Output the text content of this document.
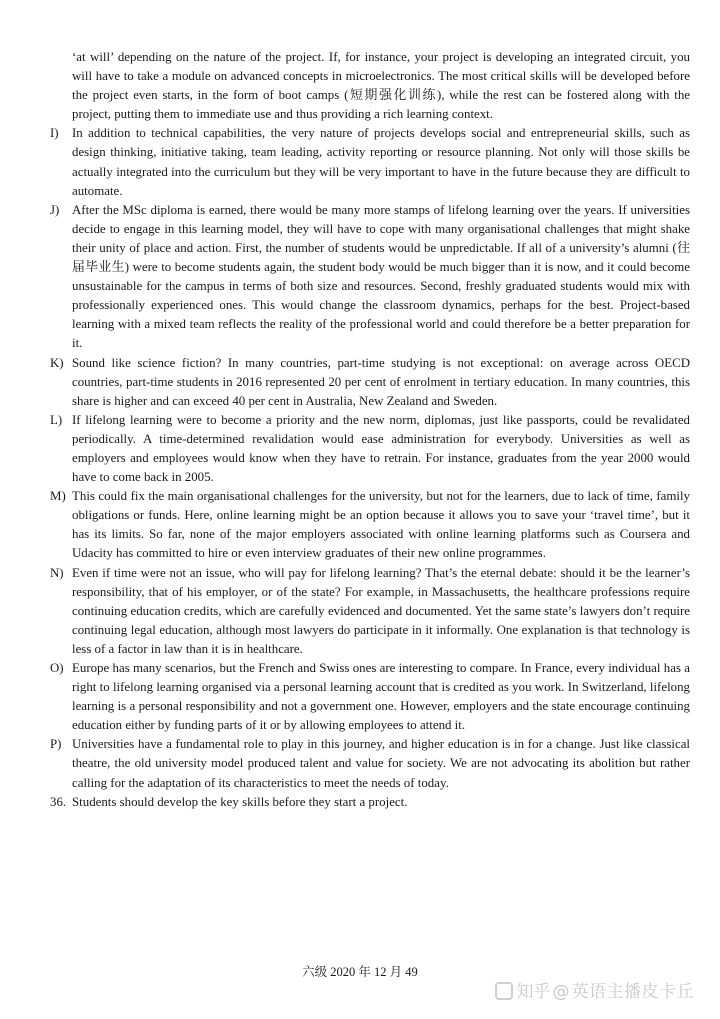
‘at will’ depending on the nature of the project. If, for instance, your project is developing an integrated circuit, you will have to take a module on advanced concepts in microelectronics. The most critical skills will be developed before the project even starts, in the form of boot camps (短期强化训练), while the rest can be fostered along with the project, putting them to immediate use and thus providing a rich learning context.

I)	In addition to technical capabilities, the very nature of projects develops social and entrepreneurial skills, such as design thinking, initiative taking, team leading, activity reporting or resource planning. Not only will those skills be actually integrated into the curriculum but they will be very important to have in the future because they are difficult to automate.

J) After the MSc diploma is earned, there would be many more stamps of lifelong learning over the years. If universities decide to engage in this learning model, they will have to cope with many organisational challenges that might shake their unity of place and action. First, the number of students would be unpredictable. If all of a university’s alumni (往届毕业生) were to become students again, the student body would be much bigger than it is now, and it could become unsustainable for the campus in terms of both size and resources. Second, freshly graduated students would mix with professionally experienced ones. This would change the classroom dynamics, perhaps for the best. Project-based learning with a mixed team reflects the reality of the professional world and could therefore be a better preparation for it.

K) Sound like science fiction? In many countries, part-time studying is not exceptional: on average across OECD countries, part-time students in 2016 represented 20 per cent of enrolment in tertiary education. In many countries, this share is higher and can exceed 40 per cent in Australia, New Zealand and Sweden.

L) If lifelong learning were to become a priority and the new norm, diplomas, just like passports, could be revalidated periodically. A time-determined revalidation would ease administration for everybody. Universities as well as employers and employees would know when they have to retrain. For instance, graduates from the year 2000 would have to come back in 2005.

M) This could fix the main organisational challenges for the university, but not for the learners, due to lack of time, family obligations or funds. Here, online learning might be an option because it allows you to save your ‘travel time’, but it has its limits. So far, none of the major employers associated with online learning platforms such as Coursera and Udacity has committed to hire or even interview graduates of their new online programmes.

N) Even if time were not an issue, who will pay for lifelong learning? That’s the eternal debate: should it be the learner’s responsibility, that of his employer, or of the state? For example, in Massachusetts, the healthcare professions require continuing education credits, which are carefully evidenced and documented. Yet the same state’s lawyers don’t require continuing legal education, although most lawyers do participate in it informally. One explanation is that technology is less of a factor in law than it is in healthcare.

O) Europe has many scenarios, but the French and Swiss ones are interesting to compare. In France, every individual has a right to lifelong learning organised via a personal learning account that is credited as you work. In Switzerland, lifelong learning is a personal responsibility and not a government one. However, employers and the state encourage continuing education either by funding parts of it or by allowing employees to attend it.

P) Universities have a fundamental role to play in this journey, and higher education is in for a change. Just like classical theatre, the old university model produced talent and value for society. We are not advocating its abolition but rather calling for the adaptation of its characteristics to meet the needs of today.

36. Students should develop the key skills before they start a project.

六级 2020 年 12 月 49
知乎 @ 英语主播皮卡丘
